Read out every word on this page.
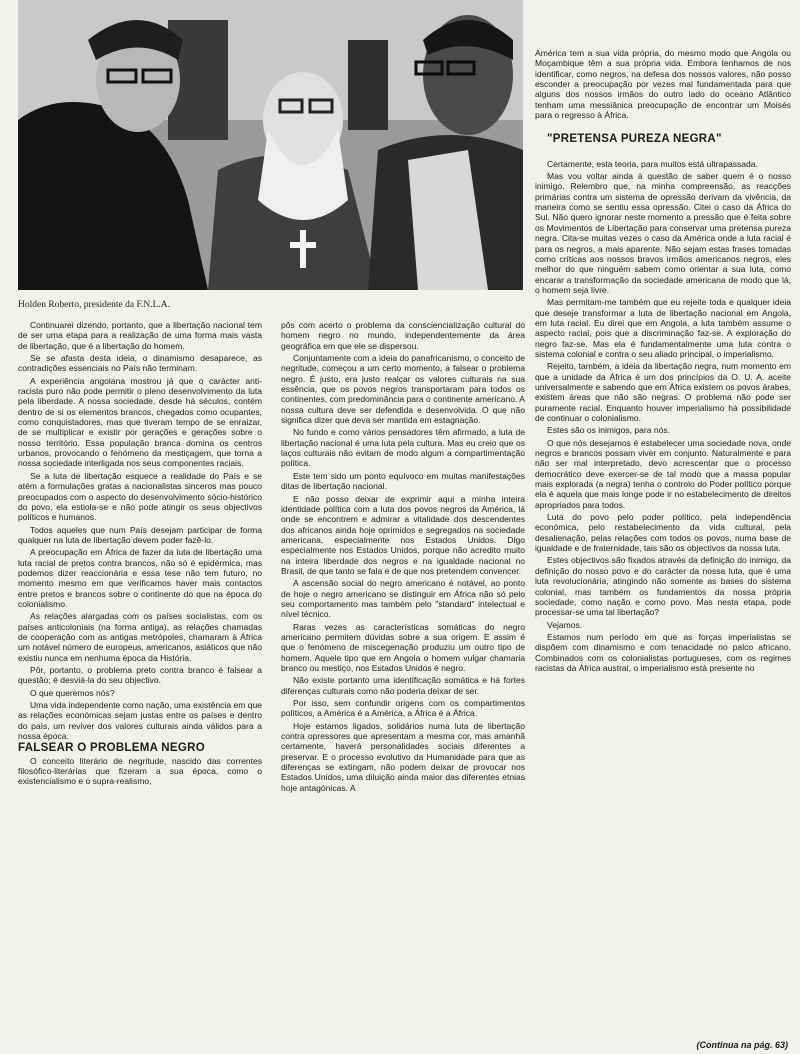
Holden Roberto, presidente da F.N.L.A.

Continuarei dizendo, portanto, que a libertação nacional tem de ser uma etapa para a realização de uma forma mais vasta de libertação, que é a libertação do homem.

Se se afasta desta ideia, o dinamismo desaparece, as contradições essenciais no País não terminam.

A experiência angolana mostrou já que o carácter anti-racista puro não pode permitir o pleno desenvolvimento da luta pela liberdade. A nossa sociedade, desde há séculos, contém dentro de si os elementos brancos, chegados como ocupantes, como conquistadores, mas que tiveram tempo de se enraizar, de se multiplicar e existir por gerações e gerações sobre o nosso território. Essa população branca domina os centros urbanos, provocando o fenómeno da mestiçagem, que torna a nossa sociedade interligada nos seus componentes raciais.

Se a luta de libertação esquece a realidade do País e se atém a formulações gratas a nacionalistas sinceros mas pouco preocupados com o aspecto do desenvolvimento sócio-histórico do povo, ela estiola-se e não pode atingir os seus objectivos políticos e humanos.

Todos aqueles que num País desejam participar de forma qualquer na luta de libertação devem poder fazê-lo.

A preocupação em África de fazer da luta de libertação uma luta racial de pretos contra brancos, não só é epidérmica, mas podemos dizer reaccionária e essa tese não tem futuro, no momento mesmo em que verificamos haver mais contactos entre pretos e brancos sobre o continente do que na época do colonialismo.

As relações alargadas com os países socialistas, com os países anticoloniais (na forma antiga), as relações chamadas de cooperação com as antigas metrópoles, chamaram à África um notável número de europeus, americanos, asiáticos que não existiu nunca em nenhuma época da História.

Pôr, portanto, o problema preto contra branco é falsear a questão; é desviá-la do seu objectivo.

O que queremos nós?

Uma vida independente como nação, uma existência em que as relações económicas sejam justas entre os países e dentro do país, um reviver dos valores culturais ainda válidos para a nossa época.

FALSEAR O PROBLEMA NEGRO

O conceito literário de negritude, nascido das correntes filosófico-literárias que fizeram a sua época, como o existencialismo e o supra-realismo,

pôs com acerto o problema da consciencialização cultural do homem negro no mundo, independentemente da área geográfica em que ele se dispersou.

Conjuntamente com a ideia do panafricanismo, o conceito de negritude, começou a um certo momento, a falsear o problema negro. É justo, era justo realçar os valores culturais na sua essência, que os povos negros transportaram para todos os continentes, com predominância para o continente americano. A nossa cultura deve ser defendida e desenvolvida. O que não significa dizer que deva ser mantida em estagnação.

No fundo e como vários pensadores têm afirmado, a luta de libertação nacional é uma luta pela cultura. Mas eu creio que os laços culturais não evitam de modo algum a compartimentação política.

Este tem sido um ponto equívoco em muitas manifestações ditas de libertação nacional.

E não posso deixar de exprimir aqui a minha inteira identidade política com a luta dos povos negros da América, lá onde se encontrem e admirar a vitalidade dos descendentes dos africanos ainda hoje oprimidos e segregados na sociedade americana, especialmente nos Estados Unidos. Digo especialmente nos Estados Unidos, porque não acredito muito na inteira liberdade dos negros e na igualdade nacional no Brasil, de que tanto se fala e de que nos pretendem convencer.

A ascensão social do negro americano é notável, ao ponto de hoje o negro americano se distinguir em África não só pelo seu comportamento mas também pelo "standard" intelectual e nível técnico.

Raras vezes as características somáticas do negro americano permitem dúvidas sobre a sua origem. E assim é que o fenómeno de miscegenação produziu um outro tipo de homem. Aquele tipo que em Angola o homem vulgar chamaria branco ou mestiço, nos Estados Unidos é negro.

Não existe portanto uma identificação somática e há fortes diferenças culturais como não poderia deixar de ser.

Por isso, sem confundir origens com os compartimentos políticos, a América é a América, a África é a África.

Hoje estamos ligados, solidários numa luta de libertação contra opressores que apresentam a mesma cor, mas amanhã certamente, haverá personalidades sociais diferentes a preservar. E o processo evolutivo da Humanidade para que as diferenças se extingam, não podem deixar de provocar nos Estados Unidos, uma diluição ainda maior das diferentes etnias hoje antagónicas. A

América tem a sua vida própria, do mesmo modo que Angola ou Moçambique têm a sua própria vida. Embora tenhamos de nos identificar, como negros, na defesa dos nossos valores, não posso esconder a preocupação por vezes mal fundamentada para que alguns dos nossos irmãos do outro lado do oceano Atlântico tenham uma messiânica preocupação de encontrar um Moisés para o regresso à África.

"PRETENSA PUREZA NEGRA"

Certamente, esta teoria, para muitos está ultrapassada.

Mas vou voltar ainda à questão de saber quem é o nosso inimigo. Relembro que, na minha compreensão, as reacções primárias contra um sistema de opressão derivam da vivência, da maneira como se sentiu essa opressão. Citei o caso da África do Sul. Não quero ignorar neste momento a pressão que é feita sobre os Movimentos de Libertação para conservar uma pretensa pureza negra. Cita-se muitas vezes o caso da América onde a luta racial é para os negros, a mais aparente. Não sejam estas frases tomadas como críticas aos nossos bravos irmãos americanos negros, eles melhor do que ninguém sabem como orientar a sua luta, como encarar a transformação da sociedade americana de modo que lá, o homem seja livre.

Mas permitam-me também que eu rejeite toda e qualquer ideia que deseje transformar a luta de libertação nacional em Angola, em luta racial. Eu direi que em Angola, a luta também assume o aspecto racial, pois que a discriminação faz-se. A exploração do negro faz-se. Mas ela é fundamentalmente uma luta contra o sistema colonial e contra o seu aliado principal, o imperialismo.

Rejeito, também, a ideia da libertação negra, num momento em que a unidade da África é um dos princípios da O. U. A. aceite universalmente e sabendo que em África existem os povos árabes, existem áreas que não são negras. O problema não pode ser puramente racial. Enquanto houver imperialismo há possibilidade de continuar o colonialismo.

Estes são os inimigos, para nós.

O que nós desejamos é estabelecer uma sociedade nova, onde negros e brancos possam viver em conjunto. Naturalmente e para não ser mal interpretado, devo acrescentar que o processo democrático deve exercer-se de tal modo que a massa popular mais explorada (a negra) tenha o controlo do Poder político porque ela é aquela que mais longe pode ir no estabelecimento de direitos apropriados para todos.

Luta do povo pelo poder político, pela independência económica, pelo restabelecimento da vida cultural, pela desalienação, pelas relações com todos os povos, numa base de igualdade e de fraternidade, tais são os objectivos da nossa luta.

Estes objectivos são fixados através da definição do inimigo, da definição do nosso povo e do carácter da nossa luta, que é uma luta revolucionária, atingindo não somente as bases do sistema colonial, mas também os fundamentos da nossa própria sociedade, como nação e como povo. Mas nesta etapa, pode processar-se uma tal libertação?

Vejamos.

Estamos num período em que as forças imperialistas se dispõem com dinamismo e com tenacidade no palco africano. Combinados com os colonialistas portugueses, com os regimes racistas da África austral, o imperialismo está presente no

(Continua na pág. 63)
